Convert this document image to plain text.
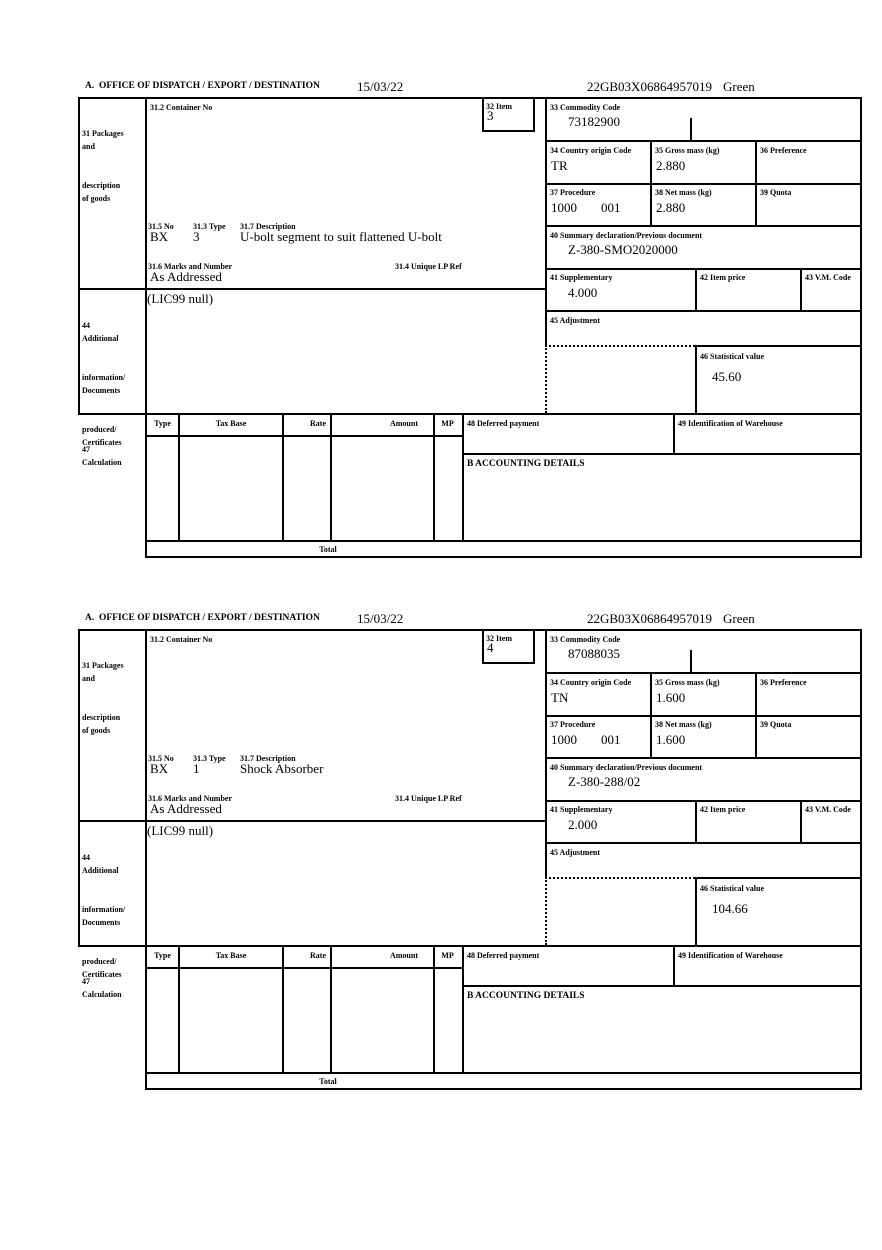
A.  OFFICE OF DISPATCH / EXPORT / DESTINATION	15/03/22	22GB03X06864957019 Green
32 Item
3
33 Commodity Code
73182900
34 Country origin Code
TR
35 Gross mass (kg)
2.880
36 Preference
37 Procedure
1000 001
38 Net mass (kg)
2.880
39 Quota
40 Summary declaration/Previous document
Z-380-SMO2020000
41 Supplementary
4.000
42 Item price	43 V.M. Code
45 Adjustment
46 Statistical value
45.60

31 Packages
and

description
of goods

44
Additional

information/
Documents

produced/
Certificates

47
Calculation

31.2 Container No
31.5 No 31.3 Type 31.7 Description
BX 3	U-bolt segment to suit flattened U-bolt
31.6 Marks and Number	31.4 Unique LP Ref
As Addressed
(LIC99 null)
Type	Tax Base	Rate	Amount	MP
Total
48 Deferred payment	49 Identification of Warehouse
B ACCOUNTING DETAILS
A.  OFFICE OF DISPATCH / EXPORT / DESTINATION	15/03/22	22GB03X06864957019 Green
32 Item
4
33 Commodity Code
87088035
34 Country origin Code
TN
35 Gross mass (kg)
1.600
36 Preference
37 Procedure
1000 001
38 Net mass (kg)
1.600
39 Quota
40 Summary declaration/Previous document
Z-380-288/02
41 Supplementary
2.000
42 Item price	43 V.M. Code
45 Adjustment
46 Statistical value
104.66

31 Packages
and

description
of goods

44
Additional

information/
Documents

produced/
Certificates

47
Calculation

31.2 Container No
31.5 No 31.3 Type 31.7 Description
BX 1	Shock Absorber
31.6 Marks and Number	31.4 Unique LP Ref
As Addressed
(LIC99 null)
Type	Tax Base	Rate	Amount	MP
Total
48 Deferred payment	49 Identification of Warehouse
B ACCOUNTING DETAILS
